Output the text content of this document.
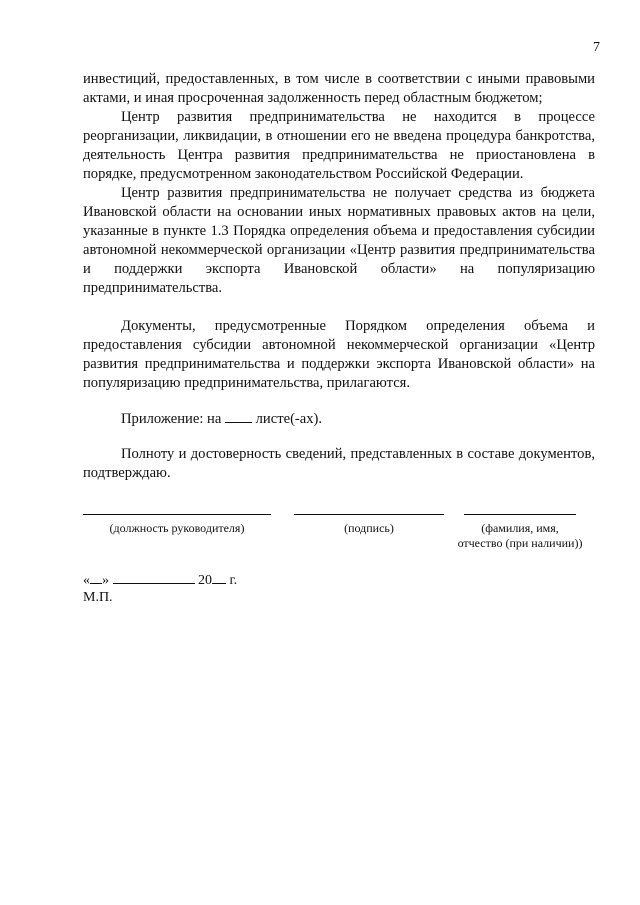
7

инвестиций, предоставленных, в том числе в соответствии с иными правовыми актами, и иная просроченная задолженность перед областным бюджетом;

Центр развития предпринимательства не находится в процессе реорганизации, ликвидации, в отношении его не введена процедура банкротства, деятельность Центра развития предпринимательства не приостановлена в порядке, предусмотренном законодательством Российской Федерации.

Центр развития предпринимательства не получает средства из бюджета Ивановской области на основании иных нормативных правовых актов на цели, указанные в пункте 1.3 Порядка определения объема и предоставления субсидии автономной некоммерческой организации «Центр развития предпринимательства и поддержки экспорта Ивановской области» на популяризацию предпринимательства.

Документы, предусмотренные Порядком определения объема и предоставления субсидии автономной некоммерческой организации «Центр развития предпринимательства и поддержки экспорта Ивановской области» на популяризацию предпринимательства, прилагаются.

Приложение: на листе(-ах).

Полноту и достоверность сведений, представленных в составе документов, подтверждаю.

(должность руководителя)	(подпись)	(фамилия, имя,
отчество (при наличии))
« »	20 г.
М.П.
